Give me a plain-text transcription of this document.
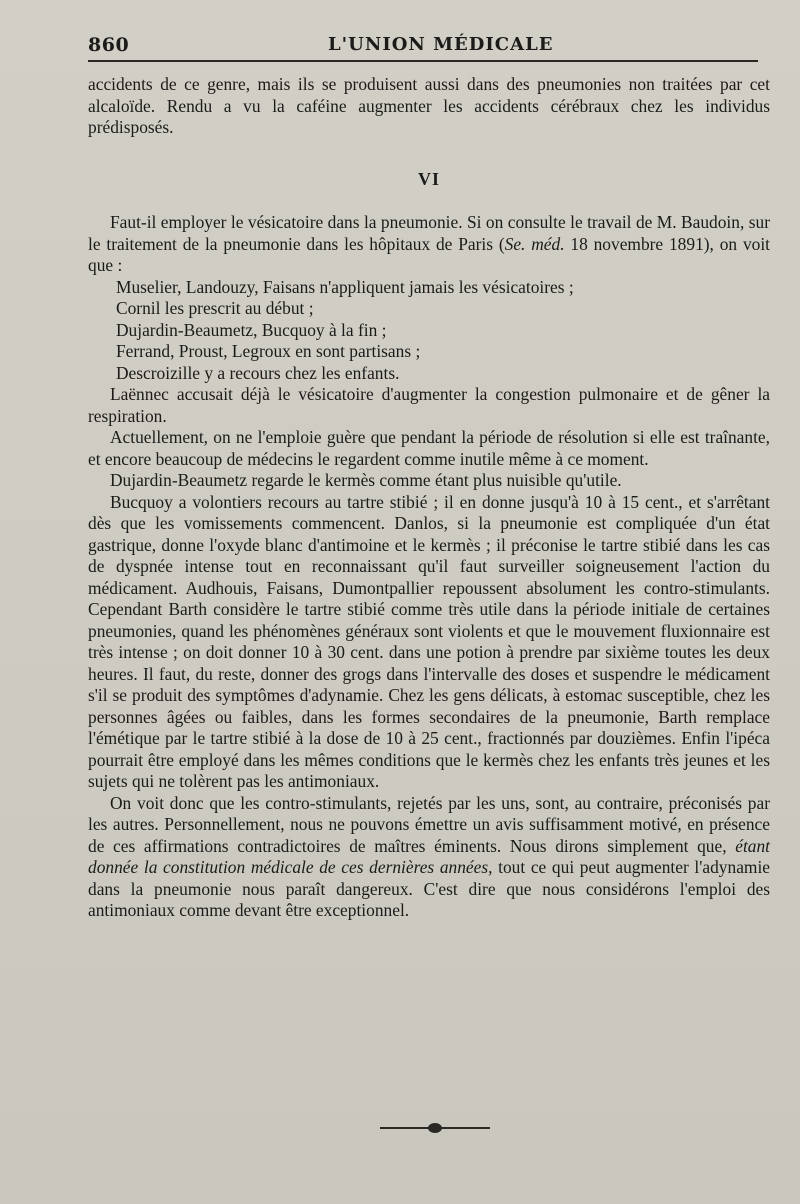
860	L'UNION MÉDICALE

accidents de ce genre, mais ils se produisent aussi dans des pneumonies non traitées par cet alcaloïde. Rendu a vu la caféine augmenter les accidents cérébraux chez les individus prédisposés.

VI

Faut-il employer le vésicatoire dans la pneumonie. Si on consulte le travail de M. Baudoin, sur le traitement de la pneumonie dans les hôpitaux de Paris (Se. méd. 18 novembre 1891), on voit que :

Muselier, Landouzy, Faisans n'appliquent jamais les vésicatoires ;

Cornil les prescrit au début ;

Dujardin-Beaumetz, Bucquoy à la fin ;

Ferrand, Proust, Legroux en sont partisans ;

Descroizille y a recours chez les enfants.

Laënnec accusait déjà le vésicatoire d'augmenter la congestion pulmonaire et de gêner la respiration.

Actuellement, on ne l'emploie guère que pendant la période de résolution si elle est traînante, et encore beaucoup de médecins le regardent comme inutile même à ce moment.

Dujardin-Beaumetz regarde le kermès comme étant plus nuisible qu'utile.

Bucquoy a volontiers recours au tartre stibié ; il en donne jusqu'à 10 à 15 cent., et s'arrêtant dès que les vomissements commencent. Danlos, si la pneumonie est compliquée d'un état gastrique, donne l'oxyde blanc d'antimoine et le kermès ; il préconise le tartre stibié dans les cas de dyspnée intense tout en reconnaissant qu'il faut surveiller soigneusement l'action du médicament. Audhouis, Faisans, Dumontpallier repoussent absolument les contro-stimulants. Cependant Barth considère le tartre stibié comme très utile dans la période initiale de certaines pneumonies, quand les phénomènes généraux sont violents et que le mouvement fluxionnaire est très intense ; on doit donner 10 à 30 cent. dans une potion à prendre par sixième toutes les deux heures. Il faut, du reste, donner des grogs dans l'intervalle des doses et suspendre le médicament s'il se produit des symptômes d'adynamie. Chez les gens délicats, à estomac susceptible, chez les personnes âgées ou faibles, dans les formes secondaires de la pneumonie, Barth remplace l'émétique par le tartre stibié à la dose de 10 à 25 cent., fractionnés par douzièmes. Enfin l'ipéca pourrait être employé dans les mêmes conditions que le kermès chez les enfants très jeunes et les sujets qui ne tolèrent pas les antimoniaux.

On voit donc que les contro-stimulants, rejetés par les uns, sont, au contraire, préconisés par les autres. Personnellement, nous ne pouvons émettre un avis suffisamment motivé, en présence de ces affirmations contradictoires de maîtres éminents. Nous dirons simplement que, étant donnée la constitution médicale de ces dernières années, tout ce qui peut augmenter l'adynamie dans la pneumonie nous paraît dangereux. C'est dire que nous considérons l'emploi des antimoniaux comme devant être exceptionnel.
